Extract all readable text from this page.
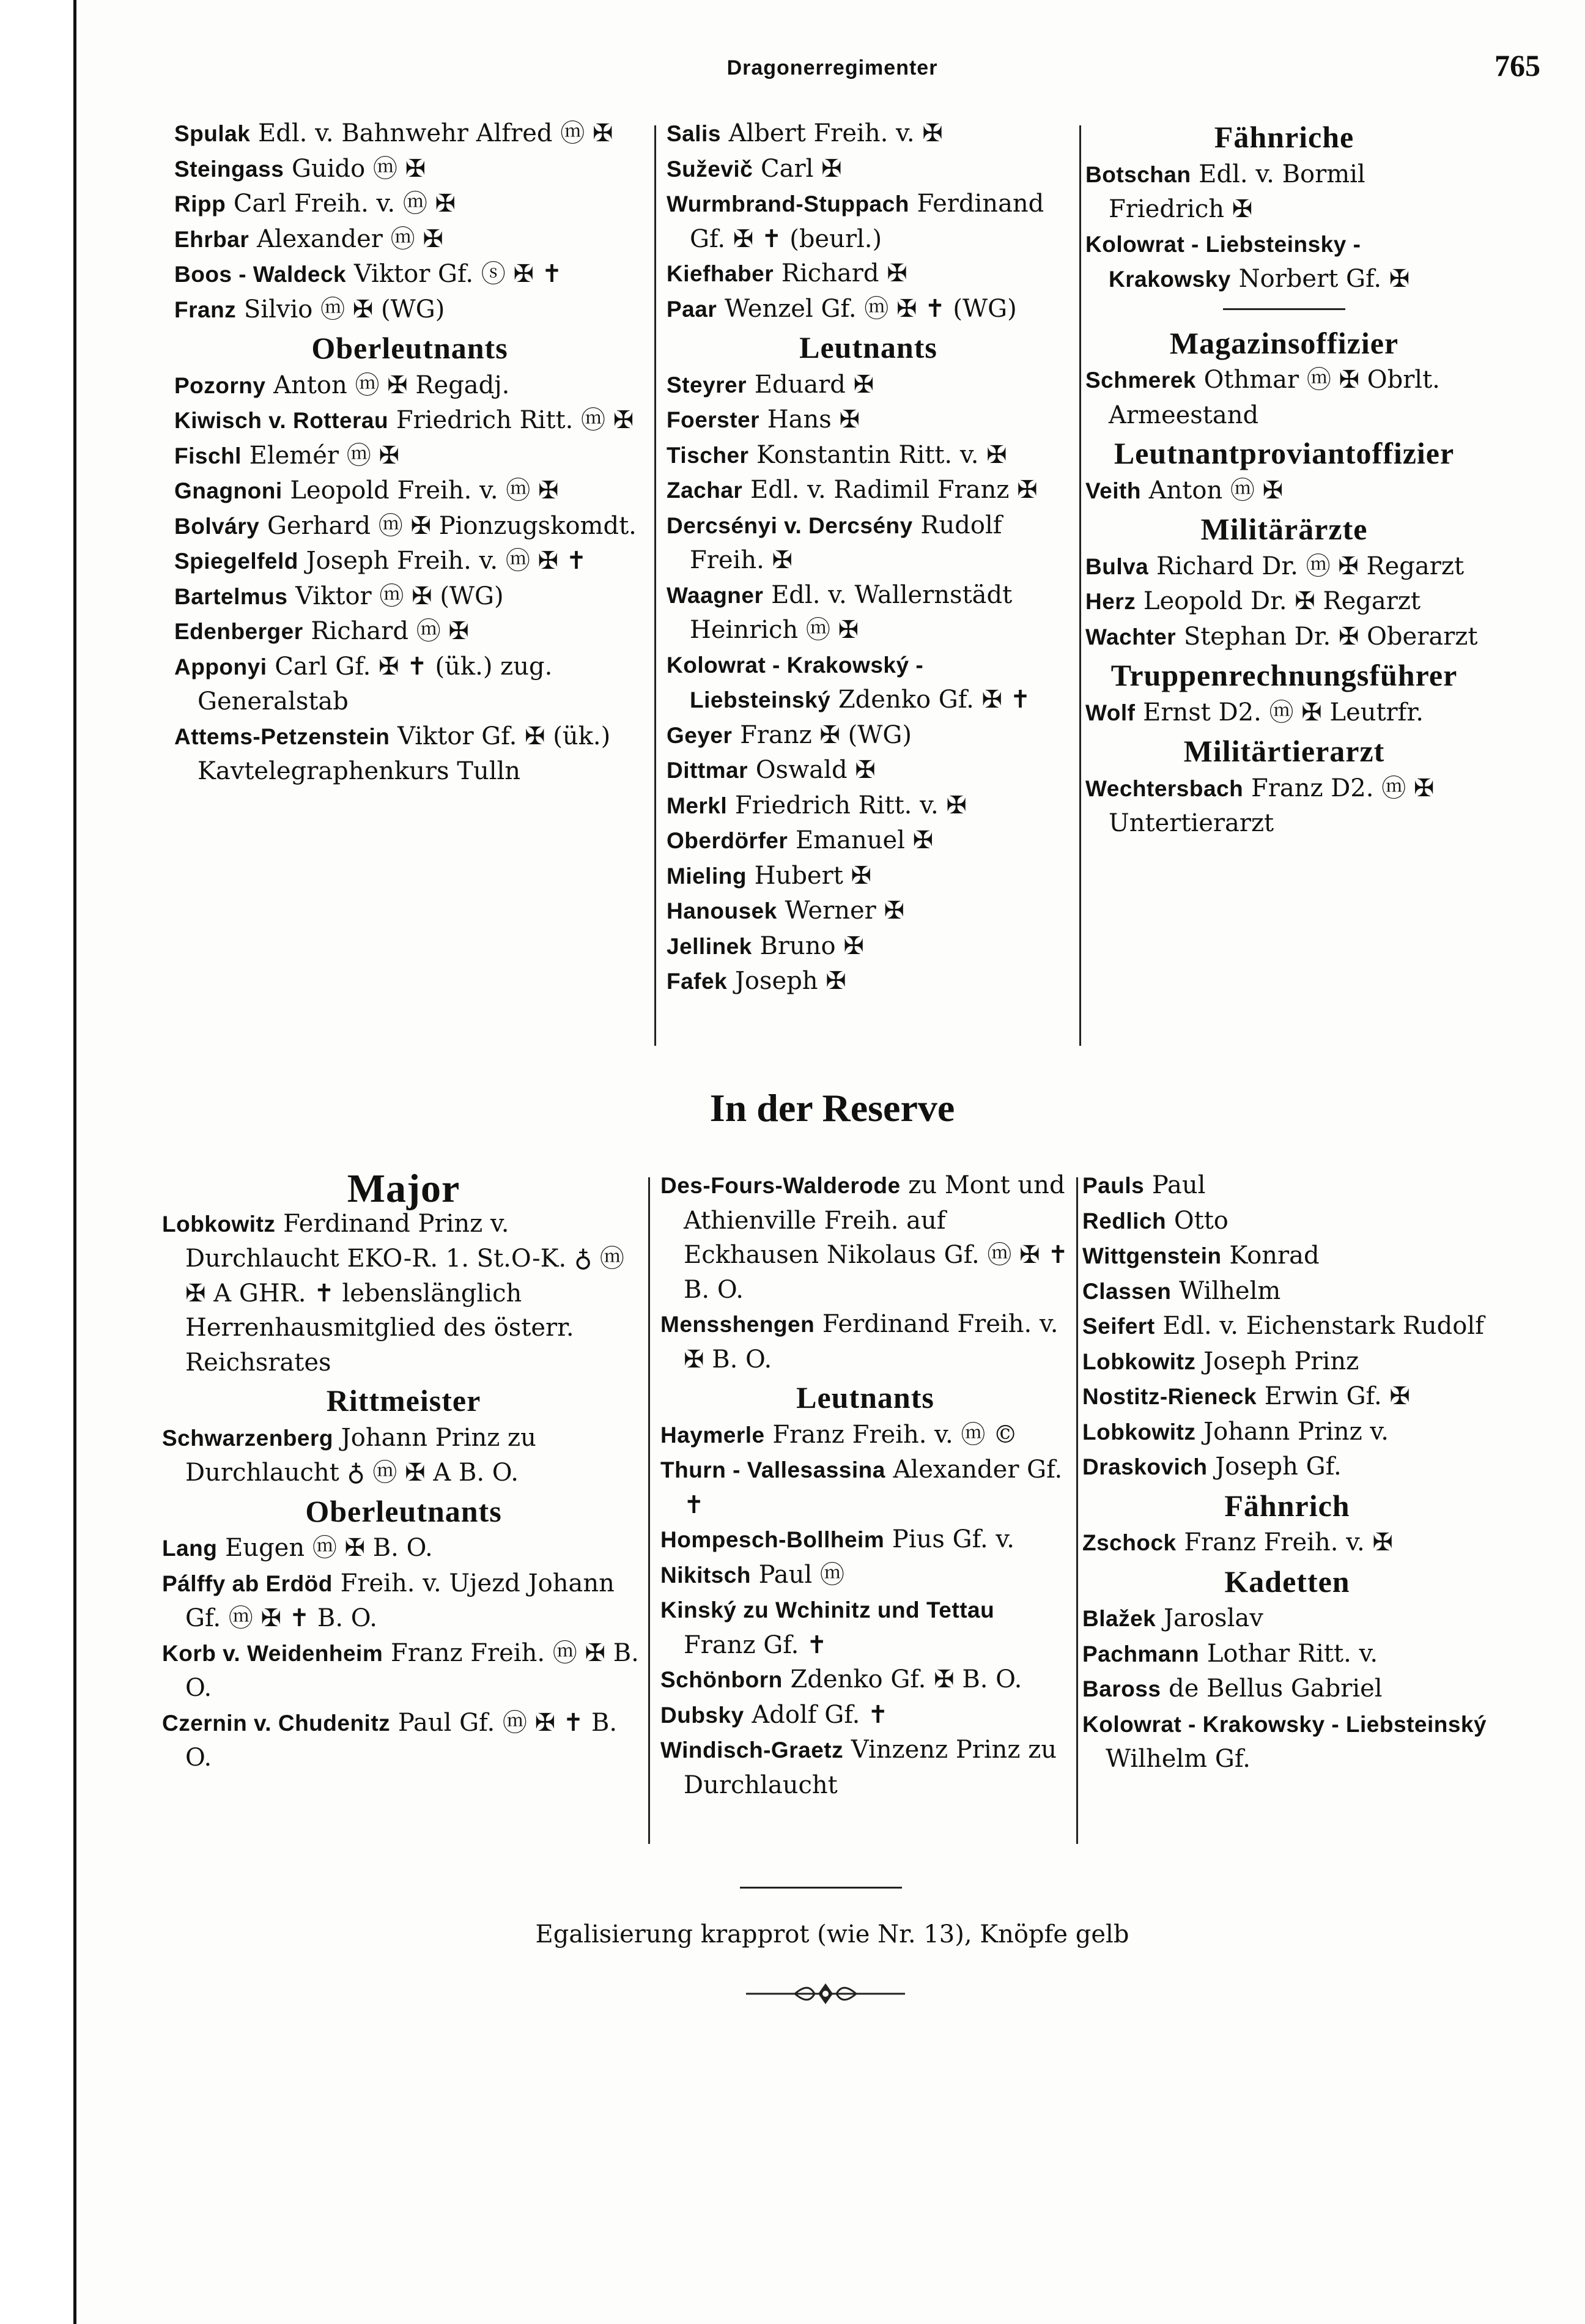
Dragonerregimenter	765
Spulak Edl. v. Bahnwehr Alfred ⓜ ✠
Steingass Guido ⓜ ✠
Ripp Carl Freih. v. ⓜ ✠
Ehrbar Alexander ⓜ ✠
Boos - Waldeck Viktor Gf. ⓢ ✠ ✝
Franz Silvio ⓜ ✠ (WG)
Oberleutnants
Pozorny Anton ⓜ ✠ Regadj.
Kiwisch v. Rotterau Friedrich Ritt. ⓜ ✠
Fischl Elemér ⓜ ✠
Gnagnoni Leopold Freih. v. ⓜ ✠
Bolváry Gerhard ⓜ ✠ Pionzugskomdt.
Spiegelfeld Joseph Freih. v. ⓜ ✠ ✝
Bartelmus Viktor ⓜ ✠ (WG)
Edenberger Richard ⓜ ✠
Apponyi Carl Gf. ✠ ✝ (ük.) zug. Generalstab
Attems-Petzenstein Viktor Gf. ✠ (ük.) Kavtelegraphenkurs Tulln
Salis Albert Freih. v. ✠
Suževič Carl ✠
Wurmbrand-Stuppach Ferdinand Gf. ✠ ✝ (beurl.)
Kiefhaber Richard ✠
Paar Wenzel Gf. ⓜ ✠ ✝ (WG)
Leutnants
Steyrer Eduard ✠
Foerster Hans ✠
Tischer Konstantin Ritt. v. ✠
Zachar Edl. v. Radimil Franz ✠
Dercsényi v. Dercsény Rudolf Freih. ✠
Waagner Edl. v. Wallernstädt Heinrich ⓜ ✠
Kolowrat - Krakowský - Liebsteinský Zdenko Gf. ✠ ✝
Geyer Franz ✠ (WG)
Dittmar Oswald ✠
Merkl Friedrich Ritt. v. ✠
Oberdörfer Emanuel ✠
Mieling Hubert ✠
Hanousek Werner ✠
Jellinek Bruno ✠
Fafek Joseph ✠
Fähnriche
Botschan Edl. v. Bormil Friedrich ✠
Kolowrat - Liebsteinsky - Krakowsky Norbert Gf. ✠
Magazinsoffizier
Schmerek Othmar ⓜ ✠ Obrlt. Armeestand
Leutnantproviantoffizier
Veith Anton ⓜ ✠
Militärärzte
Bulva Richard Dr. ⓜ ✠ Regarzt
Herz Leopold Dr. ✠ Regarzt
Wachter Stephan Dr. ✠ Oberarzt
Truppenrechnungsführer
Wolf Ernst D2. ⓜ ✠ Leutrfr.
Militärtierarzt
Wechtersbach Franz D2. ⓜ ✠ Untertierarzt
In der Reserve
Major
Lobkowitz Ferdinand Prinz v. Durchlaucht EKO-R. 1. St.O-K. ♁ ⓜ ✠ A GHR. ✝ lebenslänglich Herrenhausmitglied des österr. Reichsrates
Rittmeister
Schwarzenberg Johann Prinz zu Durchlaucht ♁ ⓜ ✠ A B. O.
Oberleutnants
Lang Eugen ⓜ ✠ B. O.
Pálffy ab Erdöd Freih. v. Ujezd Johann Gf. ⓜ ✠ ✝ B. O.
Korb v. Weidenheim Franz Freih. ⓜ ✠ B. O.
Czernin v. Chudenitz Paul Gf. ⓜ ✠ ✝ B. O.
Des-Fours-Walderode zu Mont und Athienville Freih. auf Eckhausen Nikolaus Gf. ⓜ ✠ ✝ B. O.
Mensshengen Ferdinand Freih. v. ✠ B. O.
Leutnants
Haymerle Franz Freih. v. ⓜ ©
Thurn - Vallesassina Alexander Gf. ✝
Hompesch-Bollheim Pius Gf. v.
Nikitsch Paul ⓜ
Kinský zu Wchinitz und Tettau Franz Gf. ✝
Schönborn Zdenko Gf. ✠ B. O.
Dubsky Adolf Gf. ✝
Windisch-Graetz Vinzenz Prinz zu Durchlaucht
Pauls Paul
Redlich Otto
Wittgenstein Konrad
Classen Wilhelm
Seifert Edl. v. Eichenstark Rudolf
Lobkowitz Joseph Prinz
Nostitz-Rieneck Erwin Gf. ✠
Lobkowitz Johann Prinz v.
Draskovich Joseph Gf.
Fähnrich
Zschock Franz Freih. v. ✠
Kadetten
Blažek Jaroslav
Pachmann Lothar Ritt. v.
Baross de Bellus Gabriel
Kolowrat - Krakowsky - Liebsteinský Wilhelm Gf.
Egalisierung krapprot (wie Nr. 13), Knöpfe gelb
